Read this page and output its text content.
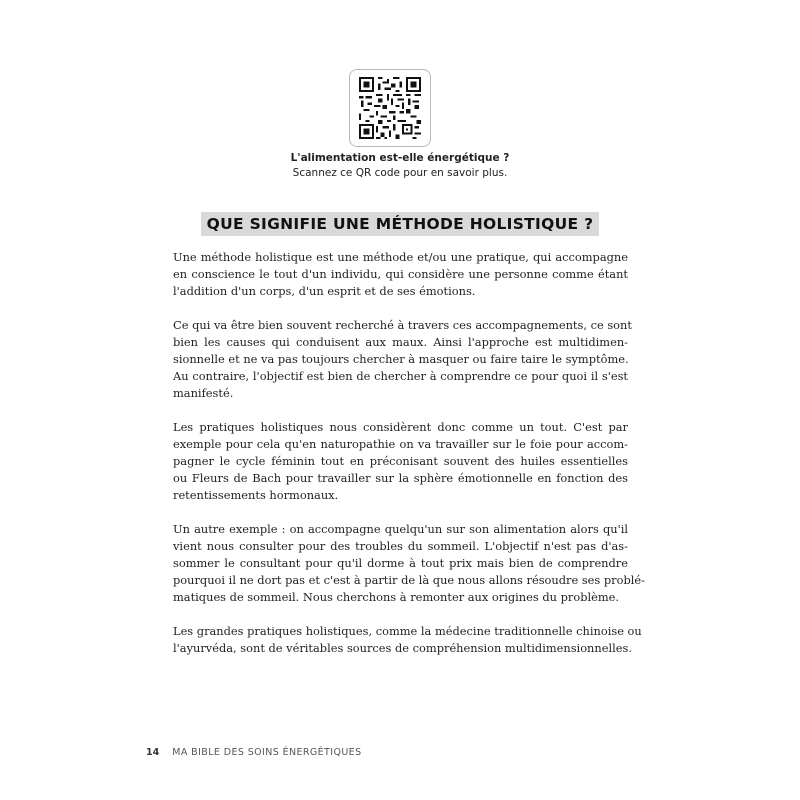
L'alimentation est-elle énergétique ?
Scannez ce QR code pour en savoir plus.
QUE SIGNIFIE UNE MÉTHODE HOLISTIQUE ?

Une méthode holistique est une méthode et/ou une pratique, qui accompagne
en conscience le tout d'un individu, qui considère une personne comme étant
l'addition d'un corps, d'un esprit et de ses émotions.

Ce qui va être bien souvent recherché à travers ces accompagnements, ce sont
bien les causes qui conduisent aux maux. Ainsi l'approche est multidimen-
sionnelle et ne va pas toujours chercher à masquer ou faire taire le symptôme.
Au contraire, l'objectif est bien de chercher à comprendre ce pour quoi il s'est
manifesté.

Les pratiques holistiques nous considèrent donc comme un tout. C'est par
exemple pour cela qu'en naturopathie on va travailler sur le foie pour accom-
pagner le cycle féminin tout en préconisant souvent des huiles essentielles
ou Fleurs de Bach pour travailler sur la sphère émotionnelle en fonction des
retentissements hormonaux.

Un autre exemple : on accompagne quelqu'un sur son alimentation alors qu'il
vient nous consulter pour des troubles du sommeil. L'objectif n'est pas d'as-
sommer le consultant pour qu'il dorme à tout prix mais bien de comprendre
pourquoi il ne dort pas et c'est à partir de là que nous allons résoudre ses problé-
matiques de sommeil. Nous cherchons à remonter aux origines du problème.

Les grandes pratiques holistiques, comme la médecine traditionnelle chinoise ou
l'ayurvéda, sont de véritables sources de compréhension multidimensionnelles.

14 MA BIBLE DES SOINS ÉNERGÉTIQUES
